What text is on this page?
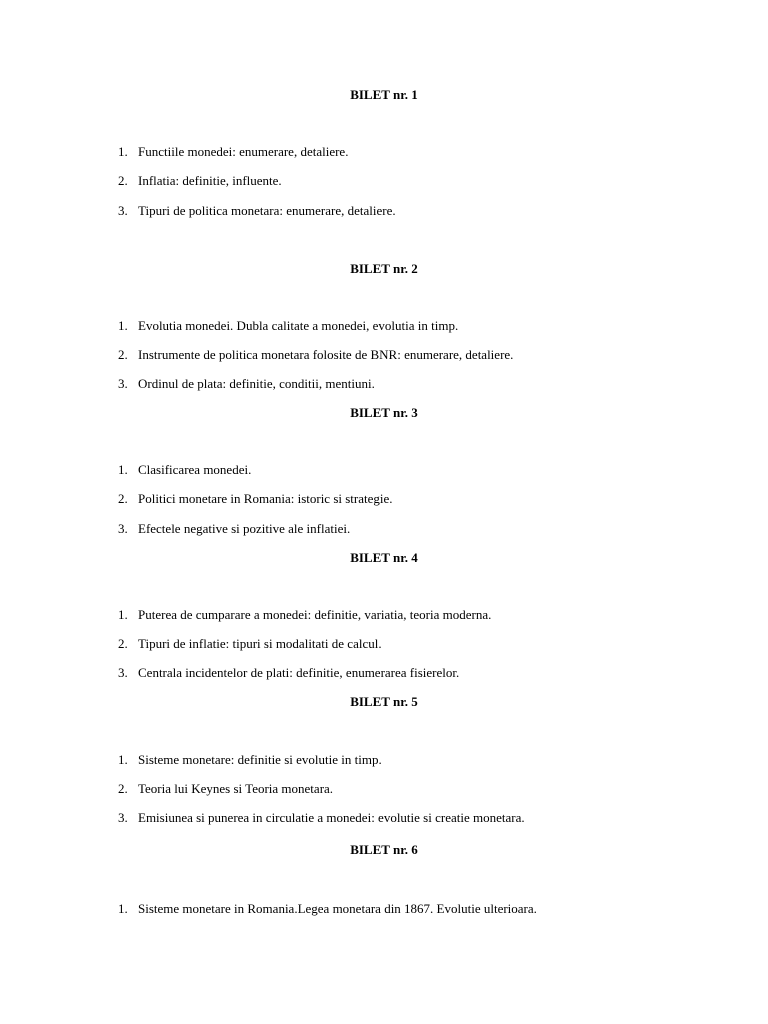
BILET nr. 1
1. Functiile monedei: enumerare, detaliere.
2. Inflatia: definitie, influente.
3. Tipuri de politica monetara: enumerare, detaliere.
BILET nr. 2
1. Evolutia monedei. Dubla calitate a monedei, evolutia in timp.
2. Instrumente de politica monetara folosite de BNR: enumerare, detaliere.
3. Ordinul de plata: definitie, conditii, mentiuni.
BILET nr. 3
1. Clasificarea monedei.
2. Politici monetare in Romania: istoric si strategie.
3. Efectele negative si pozitive ale inflatiei.
BILET nr. 4
1. Puterea de cumparare a monedei: definitie, variatia, teoria moderna.
2. Tipuri de inflatie: tipuri si modalitati de calcul.
3. Centrala incidentelor de plati: definitie, enumerarea fisierelor.
BILET nr. 5
1. Sisteme monetare: definitie si evolutie in timp.
2. Teoria lui Keynes si Teoria monetara.
3. Emisiunea si punerea in circulatie a monedei: evolutie si creatie monetara.
BILET nr. 6
1. Sisteme monetare in Romania.Legea monetara din 1867. Evolutie ulterioara.
